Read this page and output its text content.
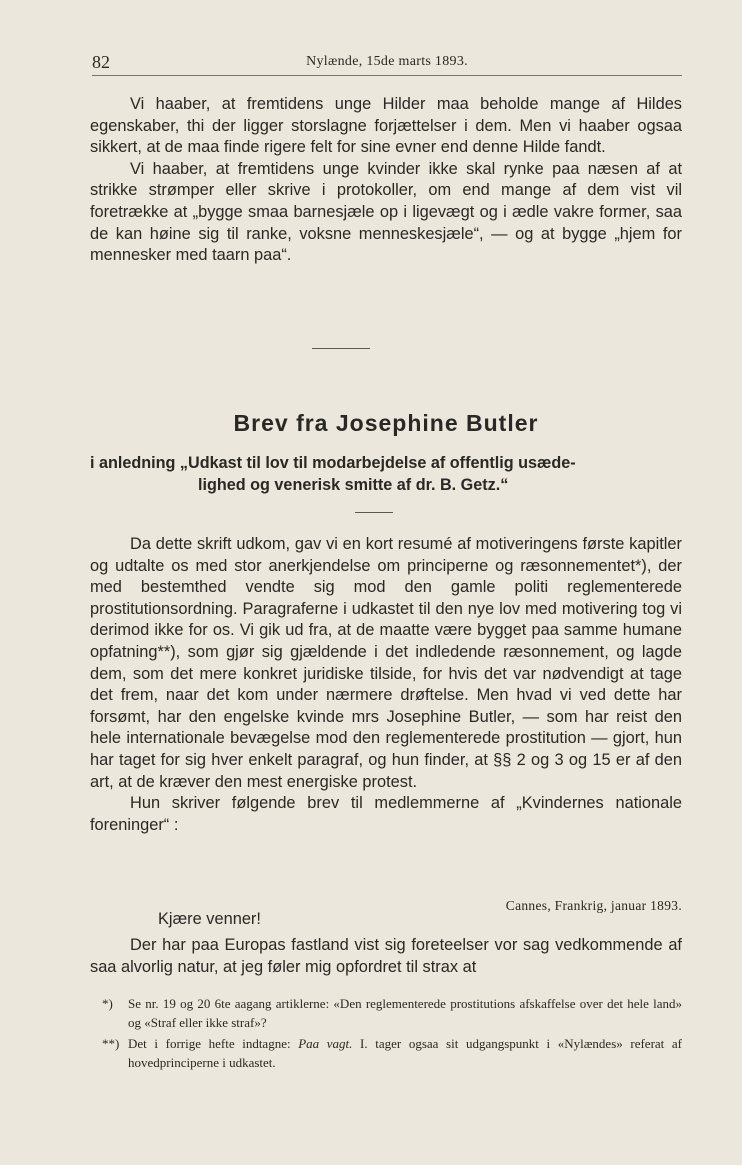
82	Nylænde, 15de marts 1893.

Vi haaber, at fremtidens unge Hilder maa beholde mange af Hildes egenskaber, thi der ligger storslagne forjættelser i dem. Men vi haaber ogsaa sikkert, at de maa finde rigere felt for sine evner end denne Hilde fandt.

Vi haaber, at fremtidens unge kvinder ikke skal rynke paa næsen af at strikke strømper eller skrive i protokoller, om end mange af dem vist vil foretrække at „bygge smaa barnesjæle op i ligevægt og i ædle vakre former, saa de kan høine sig til ranke, voksne menneskesjæle“, — og at bygge „hjem for mennesker med taarn paa“.

Brev fra Josephine Butler
i anledning „Udkast til lov til modarbejdelse af offentlig usæde-
lighed og venerisk smitte af dr. B. Getz.“

Da dette skrift udkom, gav vi en kort resumé af motiveringens første kapitler og udtalte os med stor anerkjendelse om principerne og ræsonnementet*), der med bestemthed vendte sig mod den gamle politi reglementerede prostitutionsordning. Paragraferne i udkastet til den nye lov med motivering tog vi derimod ikke for os. Vi gik ud fra, at de maatte være bygget paa samme humane opfatning**), som gjør sig gjældende i det indledende ræsonnement, og lagde dem, som det mere konkret juridiske tilside, for hvis det var nødvendigt at tage det frem, naar det kom under nærmere drøftelse. Men hvad vi ved dette har forsømt, har den engelske kvinde mrs Josephine Butler, — som har reist den hele internationale bevægelse mod den reglementerede prostitution — gjort, hun har taget for sig hver enkelt paragraf, og hun finder, at §§ 2 og 3 og 15 er af den art, at de kræver den mest energiske protest.

Hun skriver følgende brev til medlemmerne af „Kvindernes nationale foreninger“ :

Cannes, Frankrig, januar 1893.
Kjære venner!

Der har paa Europas fastland vist sig foreteelser vor sag vedkommende af saa alvorlig natur, at jeg føler mig opfordret til strax at

*) Se nr. 19 og 20 6te aagang artiklerne: «Den reglementerede prostitutions afskaffelse over det hele land» og «Straf eller ikke straf»?
**) Det i forrige hefte indtagne: Paa vagt. I. tager ogsaa sit udgangspunkt i «Nylændes» referat af hovedprinciperne i udkastet.
